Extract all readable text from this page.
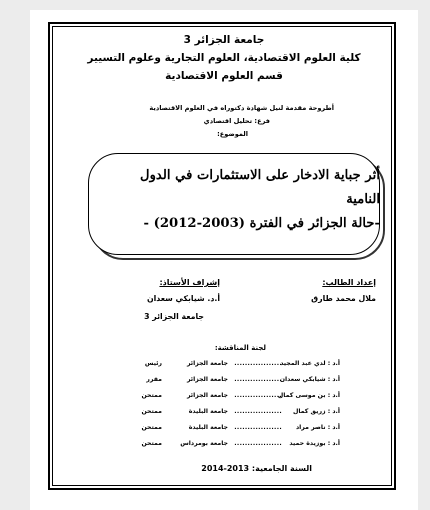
جامعة الجزائر 3
كلية العلوم الاقتصادية، العلوم التجارية وعلوم التسيير
قسم العلوم الاقتصادية
أطروحة مقدمة لنيل شهادة دكتوراه في العلوم الاقتصادية
فرع: تحليل اقتصادي
الموضوع:
أثر جباية الادخار على الاستثمارات في الدول
النامية
-حالة الجزائر في الفترة (2003-2012) -
إعداد الطالب:
ملال محمد طارق
إشراف الأستاذ:
أ.د. شيابكي سعدان
جامعة الجزائر 3
لجنة المناقشة:
أ.د : لدي عبد المجيد
..................
جامعة الجزائر
رئيس
أ.د : شيابكي سعدان
..................
جامعة الجزائر
مقرر
أ.د : بن موسى كمال
..................
جامعة الجزائر
ممتحن
أ.د : زريق كمال
..................
جامعة البليدة
ممتحن
أ.د : ناصر مراد
..................
جامعة البليدة
ممتحن
أ.د : بوزيدة حميد
..................
جامعة بومرداس
ممتحن
السنة الجامعية: 2013-2014
